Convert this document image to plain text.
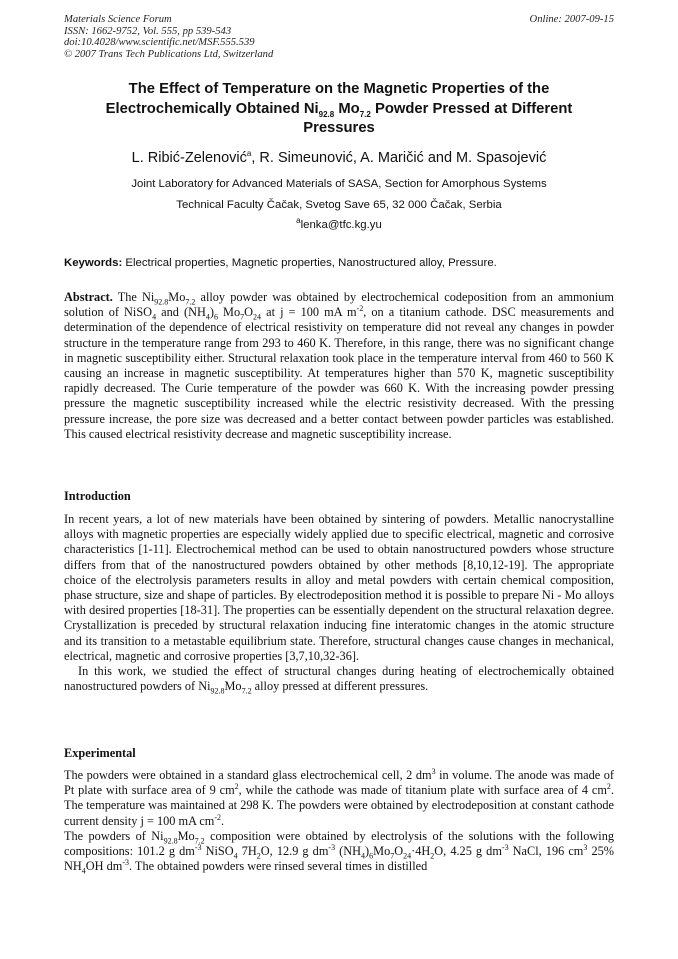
Materials Science Forum
ISSN: 1662-9752, Vol. 555, pp 539-543
doi:10.4028/www.scientific.net/MSF.555.539
© 2007 Trans Tech Publications Ltd, Switzerland
Online: 2007-09-15
The Effect of Temperature on the Magnetic Properties of the
Electrochemically Obtained $Ni_{92.8}$ $Mo_{7.2}$ Powder Pressed at Different
Pressures
L. Ribić-Zelenović$^a$, R. Simeunović, A. Maričić and M. Spasojević
Joint Laboratory for Advanced Materials of SASA, Section for Amorphous Systems
Technical Faculty Čačak, Svetog Save 65, 32 000 Čačak, Serbia
$^a$lenka@tfc.kg.yu
Keywords: Electrical properties, Magnetic properties, Nanostructured alloy, Pressure.
Abstract. The $Ni_{92.8}Mo_{7.2}$ alloy powder was obtained by electrochemical codeposition from an ammonium solution of NiSO$_4$ and $(NH_4)_6$ $Mo_7O_{24}$ at j = 100 mA $m^{-2}$, on a titanium cathode. DSC measurements and determination of the dependence of electrical resistivity on temperature did not reveal any changes in powder structure in the temperature range from 293 to 460 K. Therefore, in this range, there was no significant change in magnetic susceptibility either. Structural relaxation took place in the temperature interval from 460 to 560 K causing an increase in magnetic susceptibility. At temperatures higher than 570 K, magnetic susceptibility rapidly decreased. The Curie temperature of the powder was 660 K. With the increasing powder pressing pressure the magnetic susceptibility increased while the electric resistivity decreased. With the pressing pressure increase, the pore size was decreased and a better contact between powder particles was established. This caused electrical resistivity decrease and magnetic susceptibility increase.
Introduction

In recent years, a lot of new materials have been obtained by sintering of powders. Metallic nanocrystalline alloys with magnetic properties are especially widely applied due to specific electrical, magnetic and corrosive characteristics [1-11]. Electrochemical method can be used to obtain nanostructured powders whose structure differs from that of the nanostructured powders obtained by other methods [8,10,12-19]. The appropriate choice of the electrolysis parameters results in alloy and metal powders with certain chemical composition, phase structure, size and shape of particles. By electrodeposition method it is possible to prepare Ni - Mo alloys with desired properties [18-31]. The properties can be essentially dependent on the structural relaxation degree. Crystallization is preceded by structural relaxation inducing fine interatomic changes in the atomic structure and its transition to a metastable equilibrium state. Therefore, structural changes cause changes in mechanical, electrical, magnetic and corrosive properties [3,7,10,32-36].

In this work, we studied the effect of structural changes during heating of electrochemically obtained nanostructured powders of $Ni_{92.8}Mo_{7.2}$ alloy pressed at different pressures.

Experimental

The powders were obtained in a standard glass electrochemical cell, 2 $dm^3$ in volume. The anode was made of Pt plate with surface area of 9 $cm^2$, while the cathode was made of titanium plate with surface area of 4 $cm^2$. The temperature was maintained at 298 K. The powders were obtained by electrodeposition at constant cathode current density j = 100 mA $cm^{-2}$.

The powders of $Ni_{92.8}Mo_{7.2}$ composition were obtained by electrolysis of the solutions with the following compositions: 101.2 g $dm^{-3}$ NiSO$_4$ $7H_2O$, 12.9 g $dm^{-3}$ $(NH_4)_6Mo_7O_{24}\cdot 4H_2O$, 4.25 g $dm^{-3}$ NaCl, 196 $cm^3$ 25% $NH_4OH$ $dm^{-3}$. The obtained powders were rinsed several times in distilled
